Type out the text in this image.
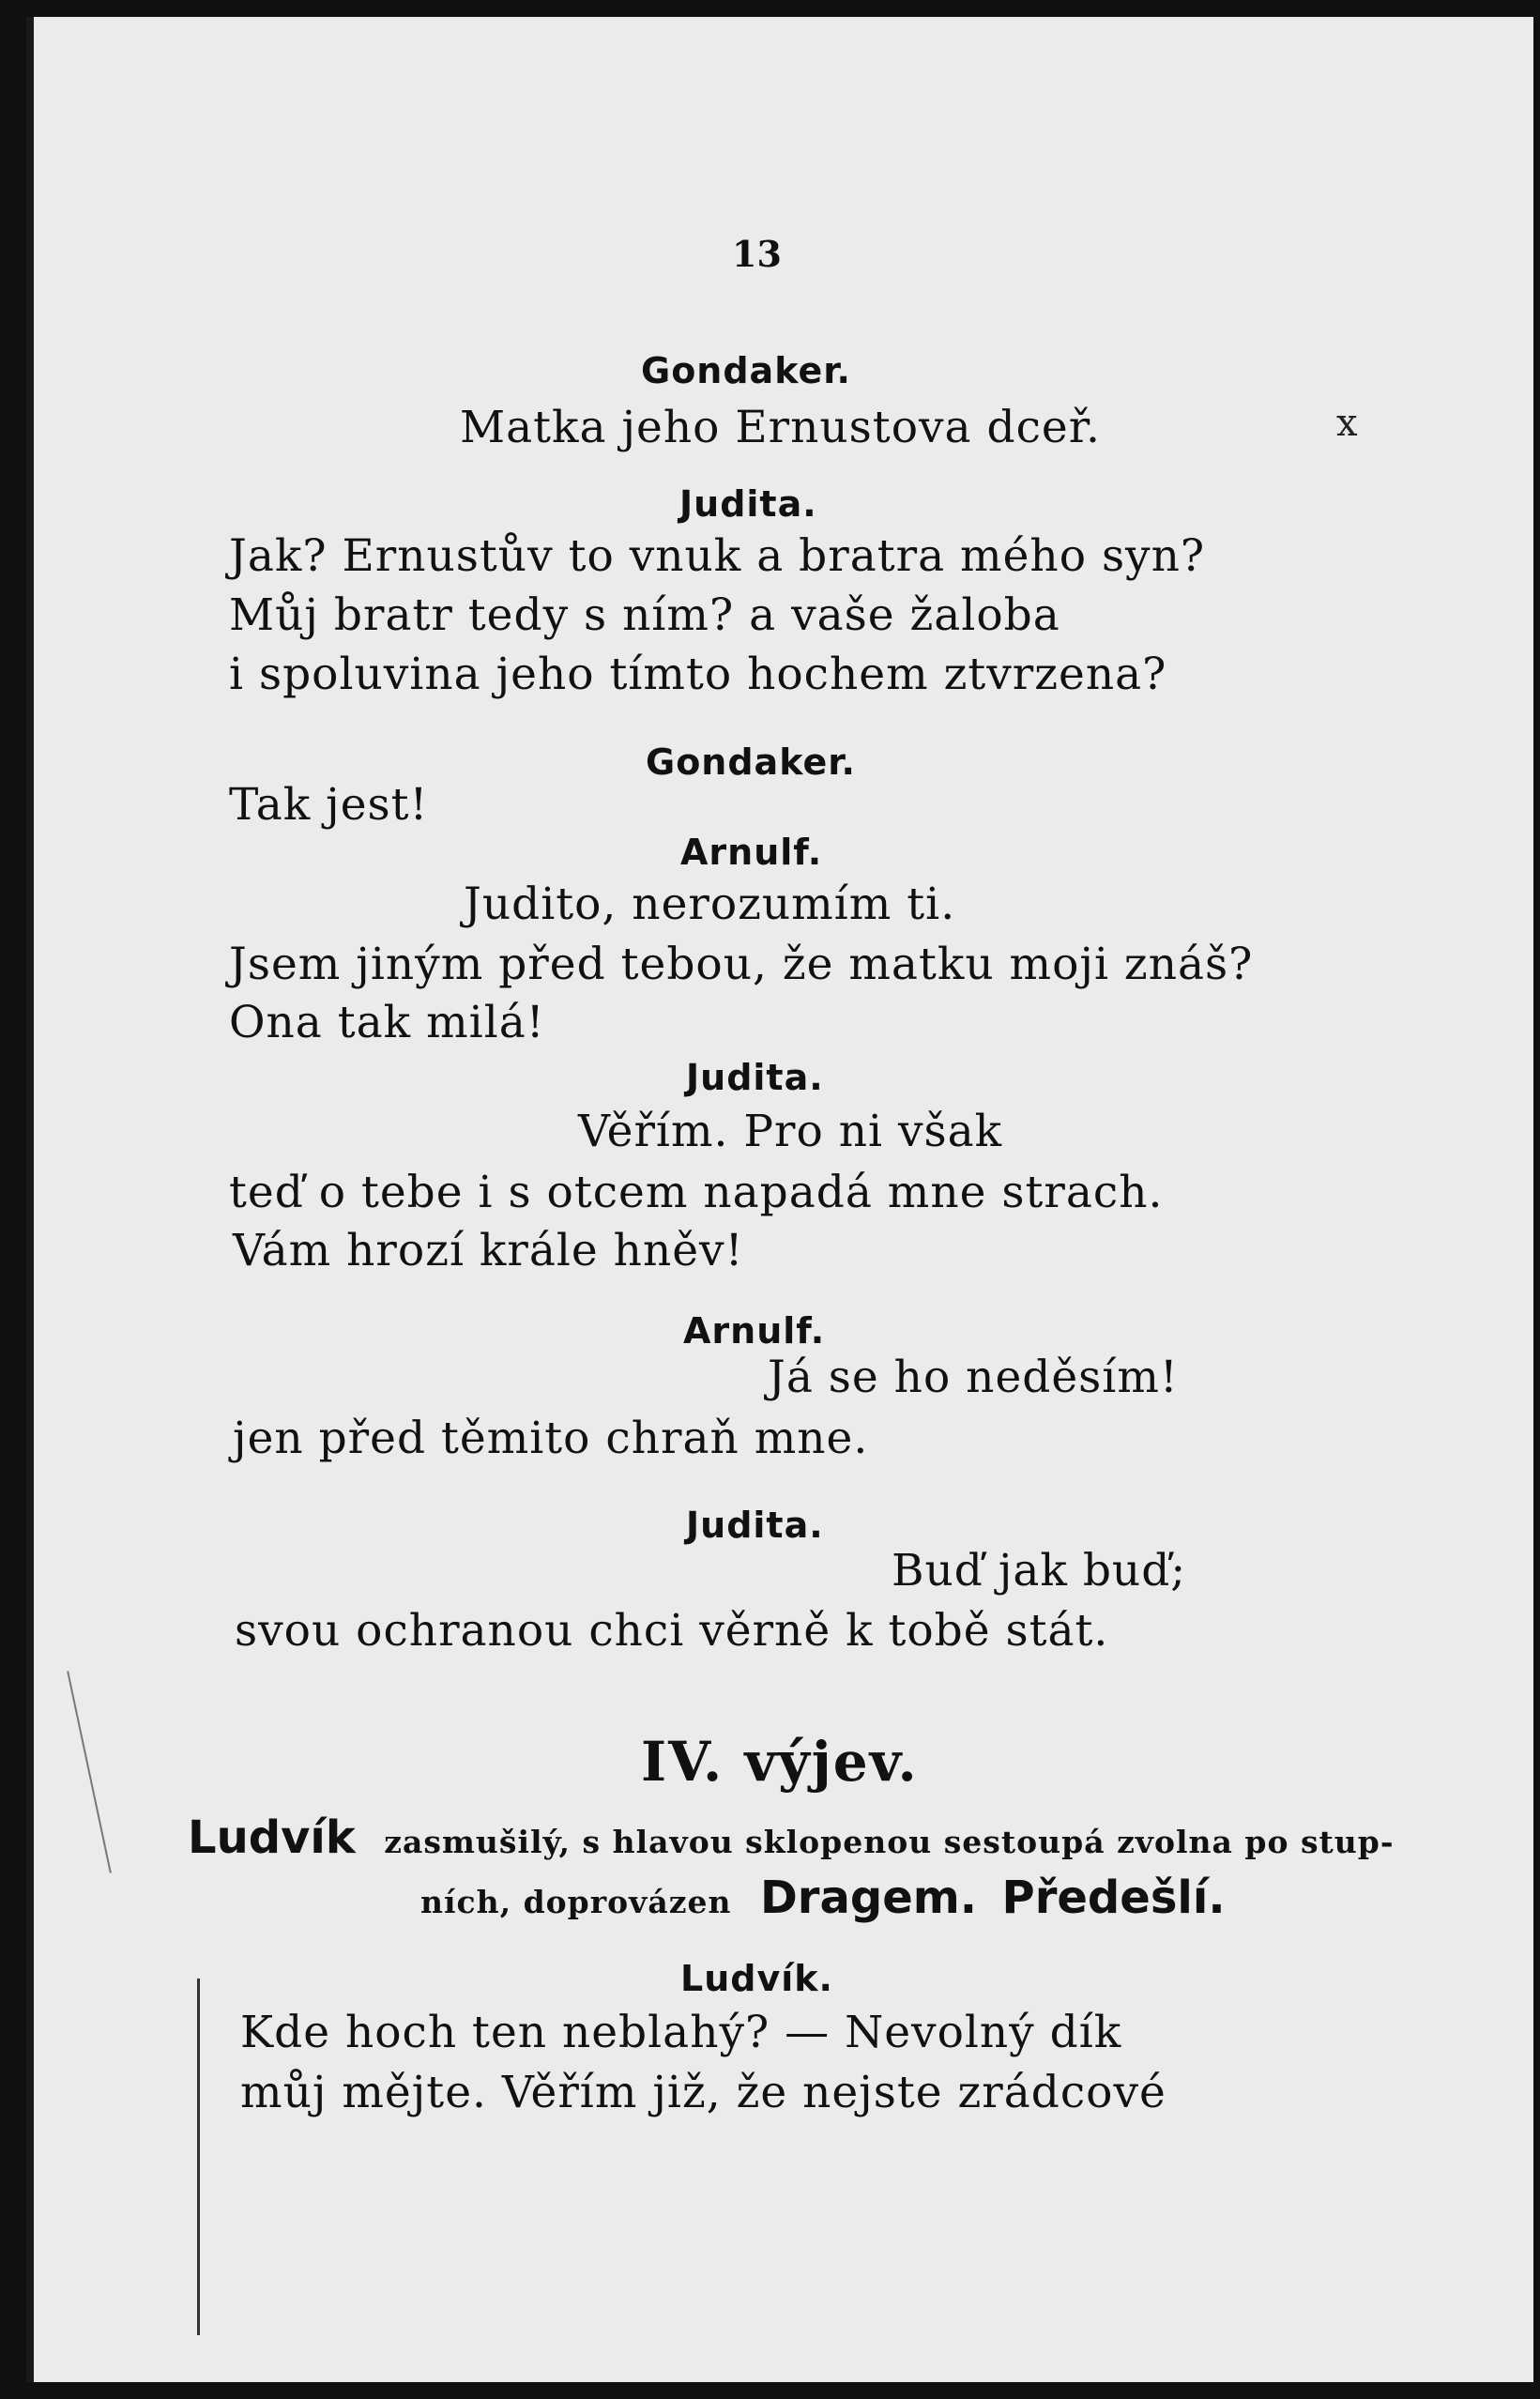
13
Gondaker.
Matka jeho Ernustova dceř.
Judita.
Jak? Ernustův to vnuk a bratra mého syn?
Můj bratr tedy s ním? a vaše žaloba
i spoluvina jeho tímto hochem ztvrzena?
Gondaker.
Tak jest!
Arnulf.
Judito, nerozumím ti.
Jsem jiným před tebou, že matku moji znáš?
Ona tak milá!
Judita.
Věřím. Pro ni však
teď o tebe i s otcem napadá mne strach.
Vám hrozí krále hněv!
Arnulf.
Já se ho neděsím!
jen před těmito chraň mne.
Judita.
Buď jak buď;
svou ochranou chci věrně k tobě stát.
IV. výjev.
Ludvík zasmušilý, s hlavou sklopenou sestoupá zvolna po stup-
ních, doprovázen Dragem. Předešlí.
Ludvík.
Kde hoch ten neblahý? — Nevolný dík
můj mějte. Věřím již, že nejste zrádcové
x
